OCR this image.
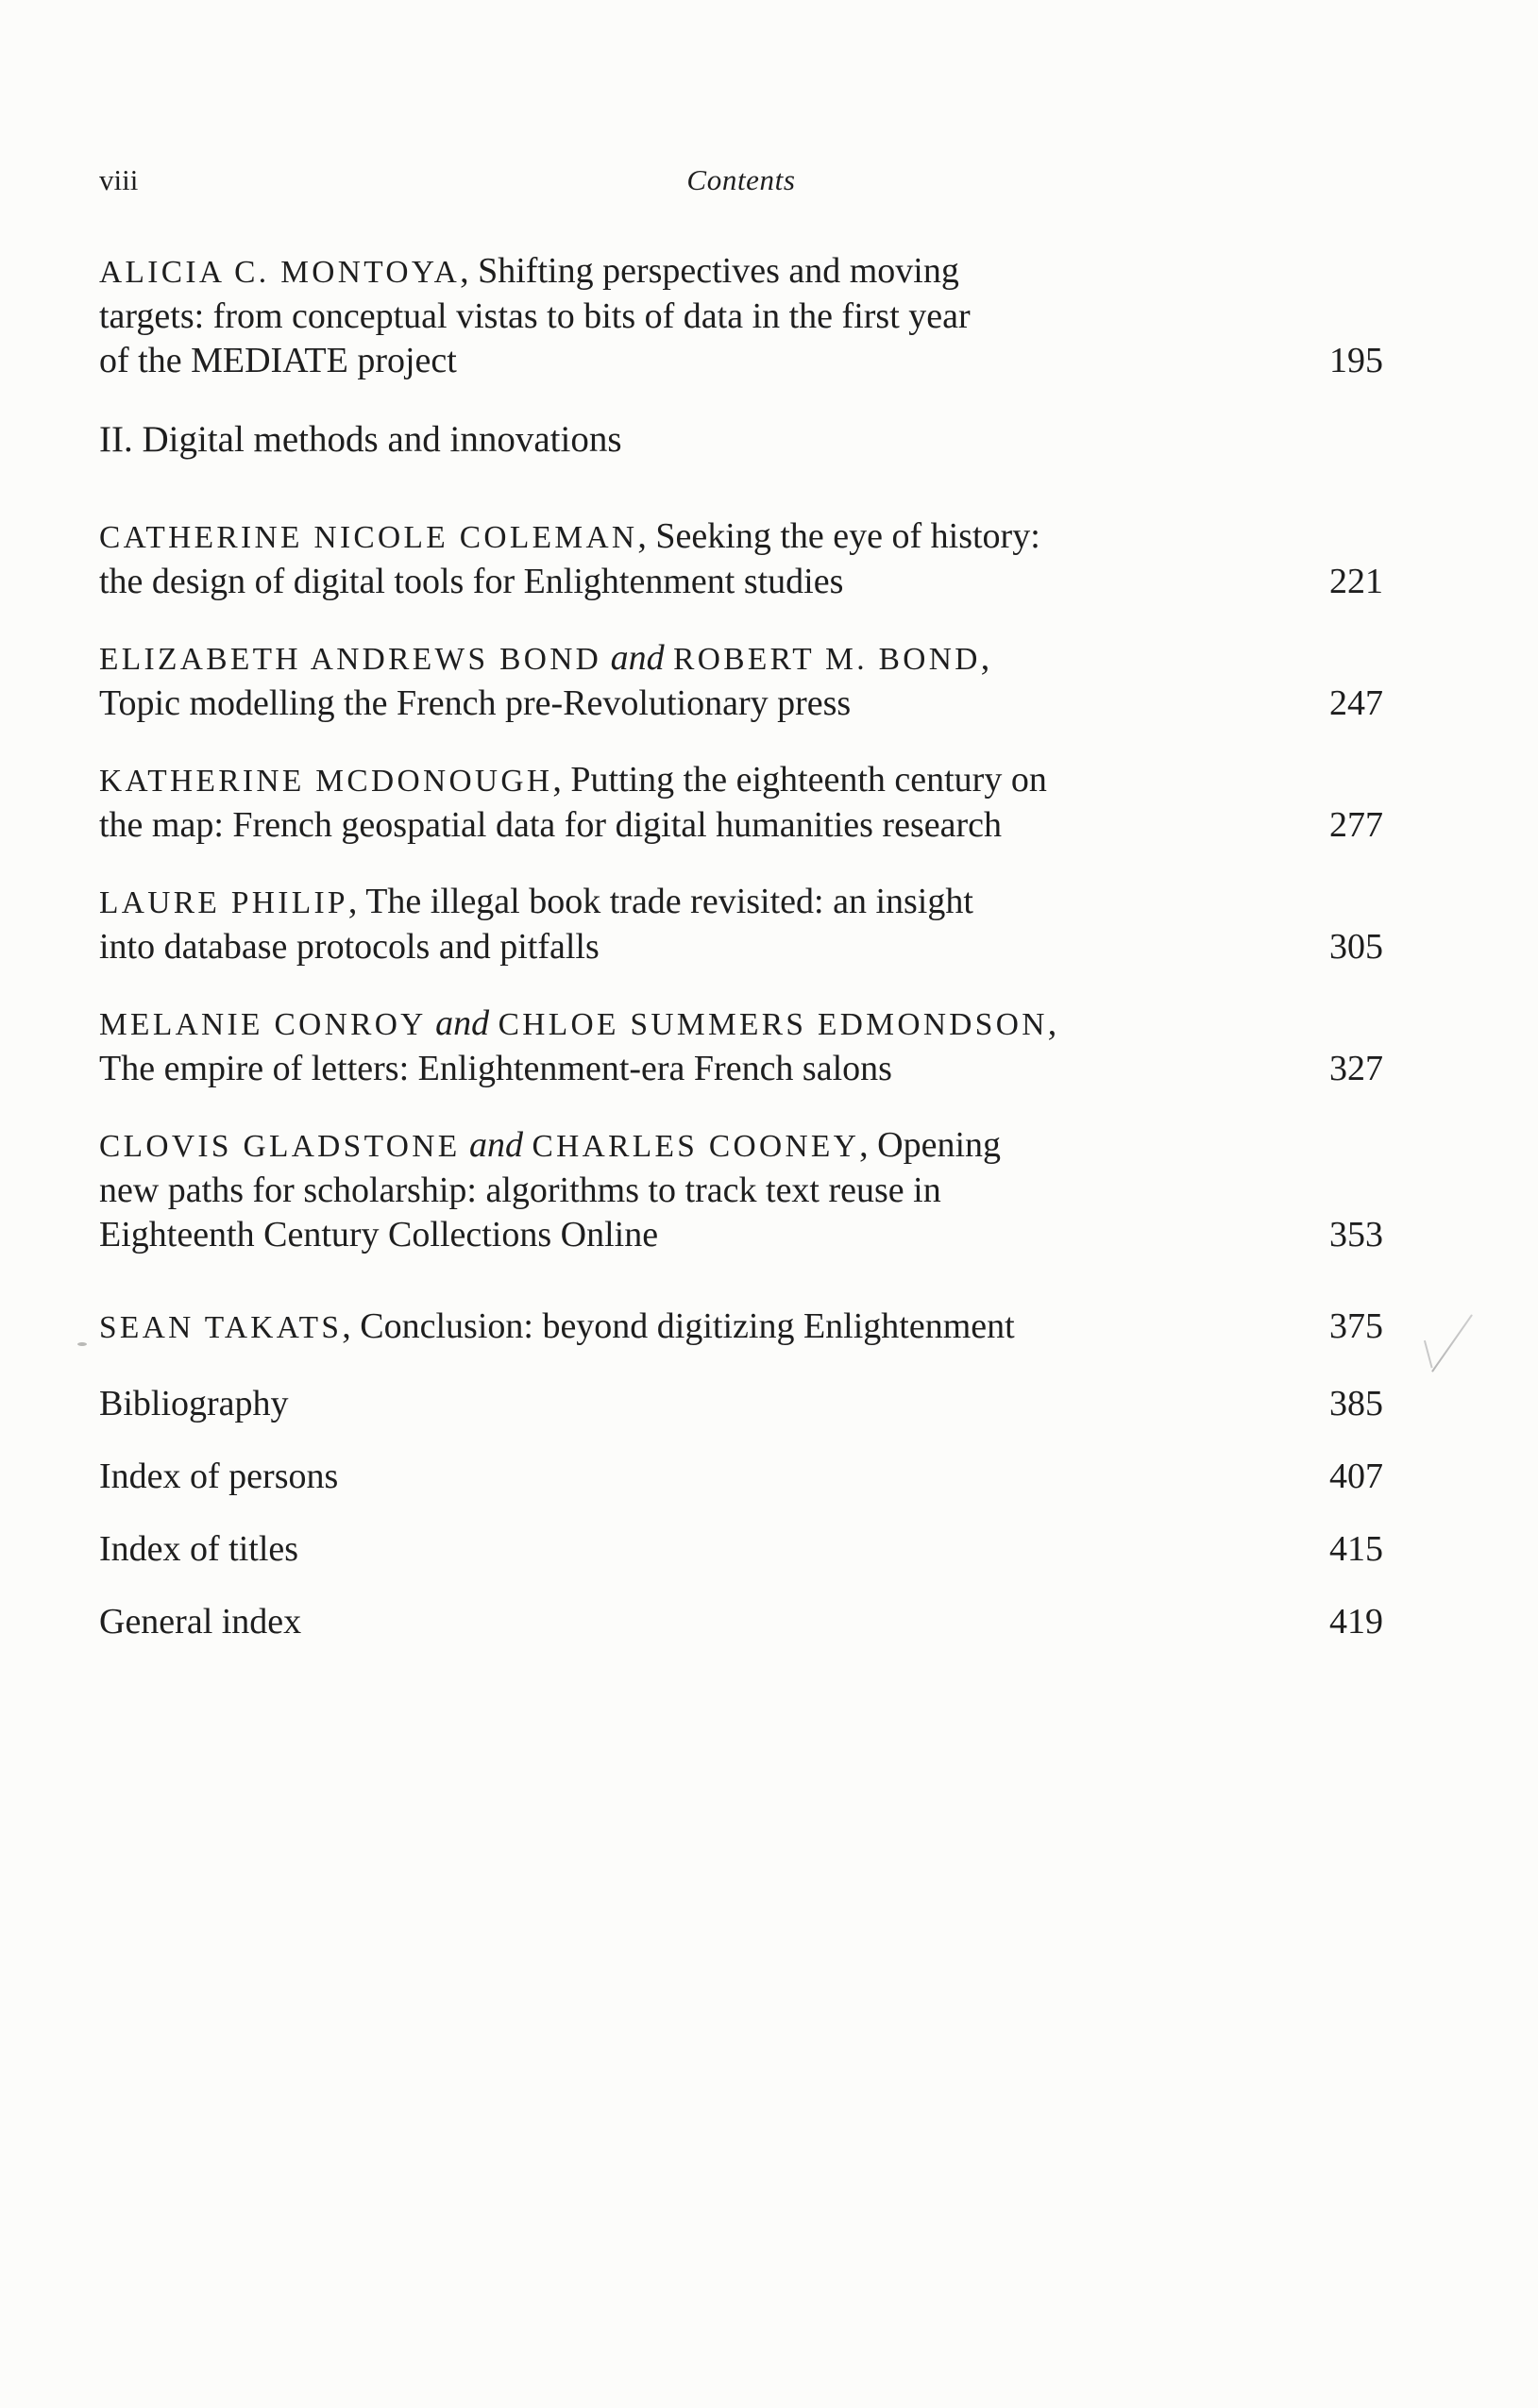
viii	Contents
ALICIA C. MONTOYA, Shifting perspectives and moving
targets: from conceptual vistas to bits of data in the first year
of the MEDIATE project	195
II. Digital methods and innovations
CATHERINE NICOLE COLEMAN, Seeking the eye of history:
the design of digital tools for Enlightenment studies	221
ELIZABETH ANDREWS BOND and ROBERT M. BOND,
Topic modelling the French pre-Revolutionary press	247
KATHERINE MCDONOUGH, Putting the eighteenth century on
the map: French geospatial data for digital humanities research	277
LAURE PHILIP, The illegal book trade revisited: an insight
into database protocols and pitfalls	305
MELANIE CONROY and CHLOE SUMMERS EDMONDSON,
The empire of letters: Enlightenment-era French salons	327
CLOVIS GLADSTONE and CHARLES COONEY, Opening
new paths for scholarship: algorithms to track text reuse in
Eighteenth Century Collections Online	353
SEAN TAKATS, Conclusion: beyond digitizing Enlightenment	375
Bibliography	385
Index of persons	407
Index of titles	415
General index	419
